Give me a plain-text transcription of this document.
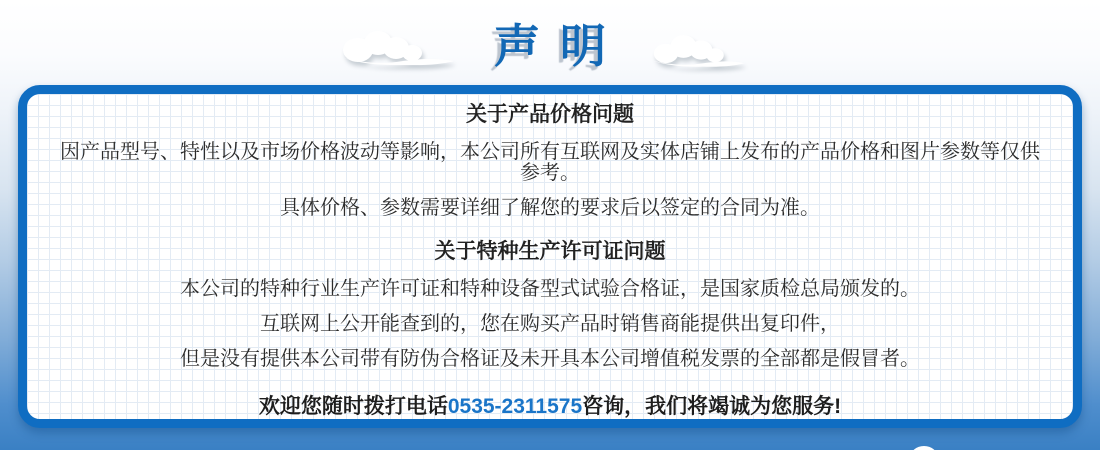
声明
关于产品价格问题
因产品型号、特性以及市场价格波动等影响，本公司所有互联网及实体店铺上发布的产品价格和图片参数等仅供参考。
具体价格、参数需要详细了解您的要求后以签定的合同为准。
关于特种生产许可证问题
本公司的特种行业生产许可证和特种设备型式试验合格证，是国家质检总局颁发的。
互联网上公开能查到的，您在购买产品时销售商能提供出复印件，
但是没有提供本公司带有防伪合格证及未开具本公司增值税发票的全部都是假冒者。
欢迎您随时拨打电话0535-2311575咨询，我们将竭诚为您服务!
